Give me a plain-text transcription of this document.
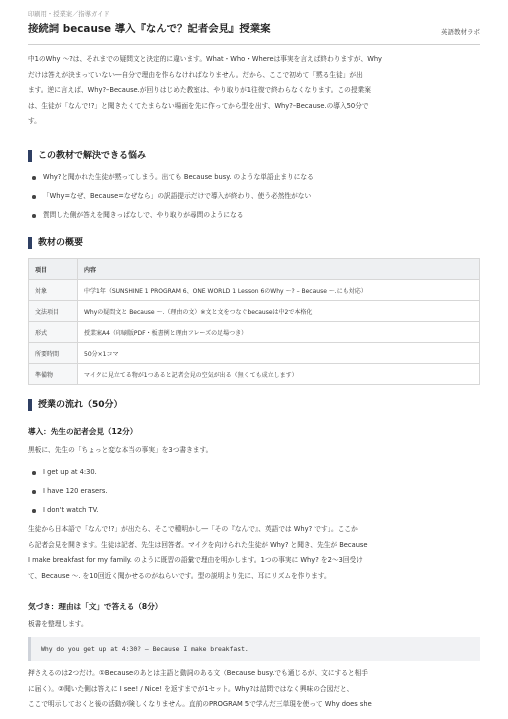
印刷用・授業案／指導ガイド
接続詞 because 導入『なんで？記者会見』授業案	英語教材ラボ
中1のWhy ～?は、それまでの疑問文と決定的に違います。What・Who・Whereは事実を言えば終わりますが、Why
だけは答えが決まっていない―自分で理由を作らなければなりません。だから、ここで初めて「黙る生徒」が出
ます。逆に言えば、Why?–Because.が回りはじめた教室は、やり取りが1往復で終わらなくなります。この授業案
は、生徒が「なんで!?」と聞きたくてたまらない場面を先に作ってから型を出す、Why?–Because.の導入50分で
す。
この教材で解決できる悩み
Why?と聞かれた生徒が黙ってしまう。出ても Because busy. のような単語止まりになる
「Why=なぜ、Because=なぜなら」の訳語提示だけで導入が終わり、使う必然性がない
質問した側が答えを聞きっぱなしで、やり取りが尋問のようになる
教材の概要
項目	内容
対象	中学1年（SUNSHINE 1 PROGRAM 6、ONE WORLD 1 Lesson 6のWhy ～? – Because ～.にも対応）
文法項目	Whyの疑問文と Because ～.（理由の文）※文と文をつなぐbecauseは中2で本格化
形式	授業案A4（印刷版PDF・板書例と理由フレーズの足場つき）
所要時間	50分×1コマ
準備物	マイクに見立てる物が1つあると記者会見の空気が出る（無くても成立します）
授業の流れ（50分）
導入：先生の記者会見（12分）
黒板に、先生の「ちょっと変な本当の事実」を3つ書きます。
I get up at 4:30.
I have 120 erasers.
I don't watch TV.
生徒から日本語で「なんで!?」が出たら、そこで種明かし―「その『なんで』、英語では Why? です」。ここか
ら記者会見を開きます。生徒は記者、先生は回答者。マイクを向けられた生徒が Why? と聞き、先生が Because
I make breakfast for my family. のように既習の語彙で理由を明かします。1つの事実に Why? を2～3回受け
て、Because ～. を10回近く聞かせるのがねらいです。型の説明より先に、耳にリズムを作ります。
気づき：理由は「文」で答える（8分）
板書を整理します。
Why do you get up at 4:30? – Because I make breakfast.
押さえるのは2つだけ。①Becauseのあとは主語と動詞のある文（Because busy.でも通じるが、文にすると相手
に届く）。②聞いた側は答えに I see! / Nice! を返すまでが1セット。Why?は詰問ではなく興味の合図だと、
ここで明示しておくと後の活動が険しくなりません。直前のPROGRAM 5で学んだ三単現を使って Why does she
